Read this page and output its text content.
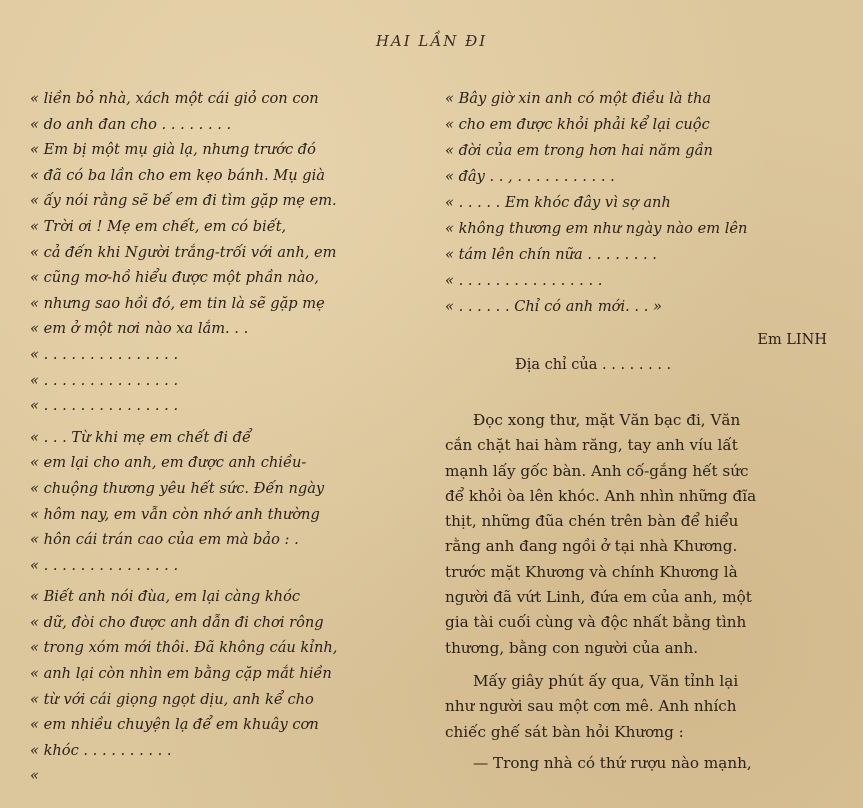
HAI LẦN ĐI
« liền bỏ nhà, xách một cái giỏ con con
« do anh đan cho . . . . . . . .
« Em bị một mụ già lạ, nhưng trước đó
« đã có ba lần cho em kẹo bánh. Mụ già
« ấy nói rằng sẽ bế em đi tìm gặp mẹ em.
« Trời ơi ! Mẹ em chết, em có biết,
« cả đến khi Người trắng-trối với anh, em
« cũng mơ-hồ hiểu được một phần nào,
« nhưng sao hồi đó, em tin là sẽ gặp mẹ
« em ở một nơi nào xa lắm. . .
« . . . . . . . . . . . . . . .
« . . . . . . . . . . . . . . .
« . . . . . . . . . . . . . . .
« . . . Từ khi mẹ em chết đi để
« em lại cho anh, em được anh chiều-
« chuộng thương yêu hết sức. Đến ngày
« hôm nay, em vẫn còn nhớ anh thường
« hôn cái trán cao của em mà bảo : .
« . . . . . . . . . . . . . . .
« Biết anh nói đùa, em lại càng khóc
« dữ, đòi cho được anh dẫn đi chơi rông
« trong xóm mới thôi. Đã không cáu kỉnh,
« anh lại còn nhìn em bằng cặp mắt hiền
« từ với cái giọng ngọt dịu, anh kể cho
« em nhiều chuyện lạ để em khuây cơn
« khóc . . . . . . . . . .
«
« Bây giờ xin anh có một điều là tha
« cho em được khỏi phải kể lại cuộc
« đời của em trong hơn hai năm gần
« đây . . , . . . . . . . . . . .
« . . . . . Em khóc đây vì sợ anh
« không thương em như ngày nào em lên
« tám lên chín nữa . . . . . . . .
« . . . . . . . . . . . . . . . .
« . . . . . . Chỉ có anh mới. . . »
Em LINH
Địa chỉ của . . . . . . . .
Đọc xong thư, mặt Văn bạc đi, Văn
cắn chặt hai hàm răng, tay anh víu lất
mạnh lấy gốc bàn. Anh cố-gắng hết sức
để khỏi òa lên khóc. Anh nhìn những đĩa
thịt, những đũa chén trên bàn để hiểu
rằng anh đang ngồi ở tại nhà Khương.
trước mặt Khương và chính Khương là
người đã vứt Linh, đứa em của anh, một
gia tài cuối cùng và độc nhất bằng tình
thương, bằng con người của anh.
Mấy giây phút ấy qua, Văn tỉnh lại
như người sau một cơn mê. Anh nhích
chiếc ghế sát bàn hỏi Khương :
— Trong nhà có thứ rượu nào mạnh,
